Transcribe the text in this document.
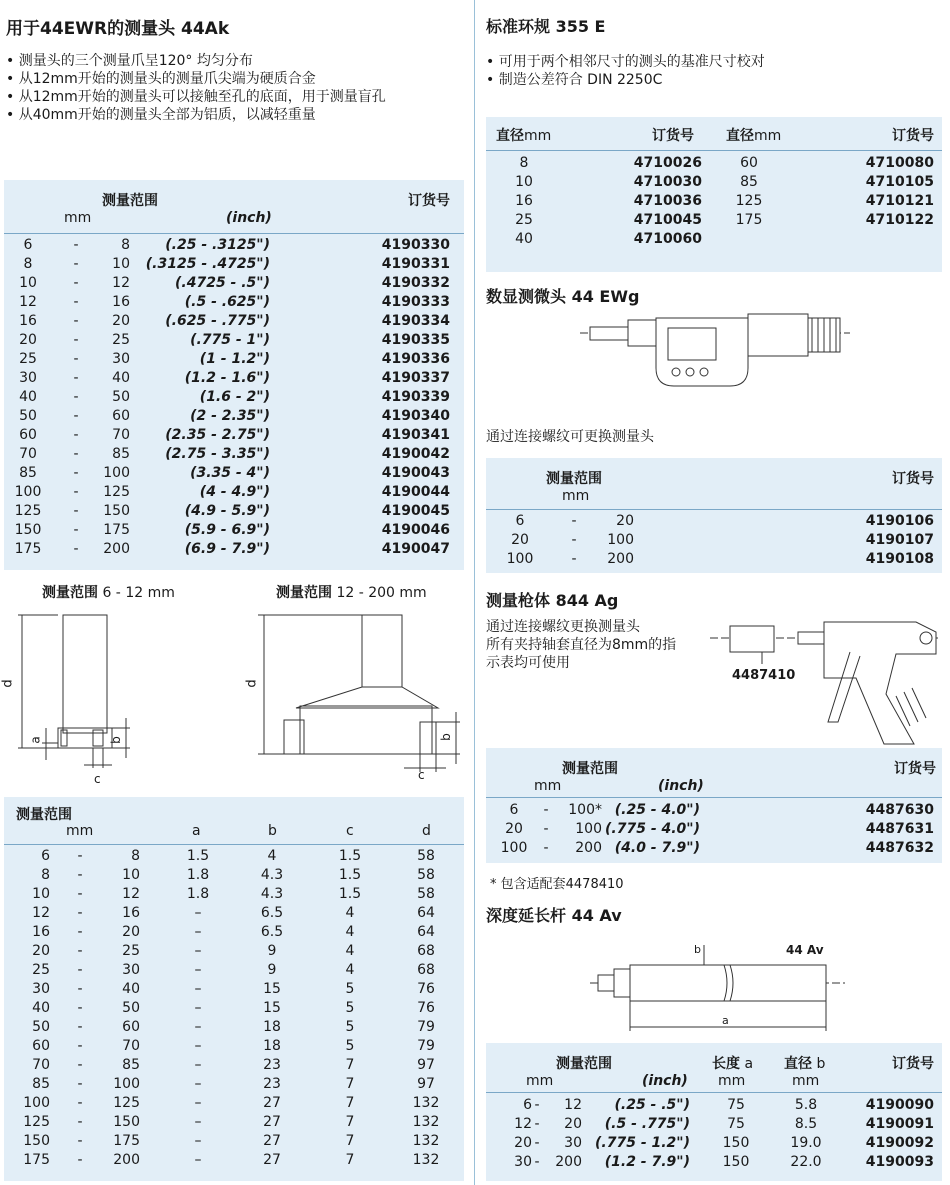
用于44EWR的测量头 44Ak
• 测量头的三个测量爪呈120° 均匀分布
• 从12mm开始的测量头的测量爪尖端为硬质合金
• 从12mm开始的测量头可以接触至孔的底面，用于测量盲孔
• 从40mm开始的测量头全部为铝质，以减轻重量
测量范围
mm	(inch)
订货号
6	-	8	(.25 - .3125")	4190330
8	-	10	(.3125 - .4725")	4190331
10	-	12	(.4725 - .5")	4190332
12	-	16	(.5 - .625")	4190333
16	-	20	(.625 - .775")	4190334
20	-	25	(.775 - 1")	4190335
25	-	30	(1 - 1.2")	4190336
30	-	40	(1.2 - 1.6")	4190337
40	-	50	(1.6 - 2")	4190339
50	-	60	(2 - 2.35")	4190340
60	-	70	(2.35 - 2.75")	4190341
70	-	85	(2.75 - 3.35")	4190042
85	-	100	(3.35 - 4")	4190043
100	-	125	(4 - 4.9")	4190044
125	-	150	(4.9 - 5.9")	4190045
150	-	175	(5.9 - 6.9")	4190046
175	-	200	(6.9 - 7.9")	4190047
测量范围 6 - 12 mm	测量范围 12 - 200 mm
d
a	b
c
d
b
c
测量范围
mm	a	b	c	d
6	-	8	1.5	4	1.5	58
8	-	10	1.8	4.3	1.5	58
10	-	12	1.8	4.3	1.5	58
12	-	16	–	6.5	4	64
16	-	20	–	6.5	4	64
20	-	25	–	9	4	68
25	-	30	–	9	4	68
30	-	40	–	15	5	76
40	-	50	–	15	5	76
50	-	60	–	18	5	79
60	-	70	–	18	5	79
70	-	85	–	23	7	97
85	-	100	–	23	7	97
100	-	125	–	27	7	132
125	-	150	–	27	7	132
150	-	175	–	27	7	132
175	-	200	–	27	7	132
标准环规 355 E
• 可用于两个相邻尺寸的测头的基准尺寸校对
• 制造公差符合 DIN 2250C
直径mm	订货号 直径mm	订货号
8	4710026	60	4710080
10	4710030	85	4710105
16	4710036	125	4710121
25	4710045	175	4710122
40	4710060
数显测微头 44 EWg
通过连接螺纹可更换测量头
测量范围
mm
订货号
6	-	20	4190106
20	-	100	4190107
100	-	200	4190108
测量枪体 844 Ag
通过连接螺纹更换测量头
所有夹持轴套直径为8mm的指
示表均可使用
4487410
测量范围
mm	(inch)
订货号
6	-	100* (.25 - 4.0")	4487630
20	-	100 (.775 - 4.0")	4487631
100	-	200 (4.0 - 7.9")	4487632
* 包含适配套4478410
深度延长杆 44 Av
b	44 Av
a
测量范围
mm	(inch)
长度 a
mm
直径 b
mm
订货号
6 -	12	(.25 - .5")	75	5.8	4190090
12 -	20	(.5 - .775")	75	8.5	4190091
20 -	30 (.775 - 1.2")	150	19.0	4190092
30 -	200	(1.2 - 7.9")	150	22.0	4190093
